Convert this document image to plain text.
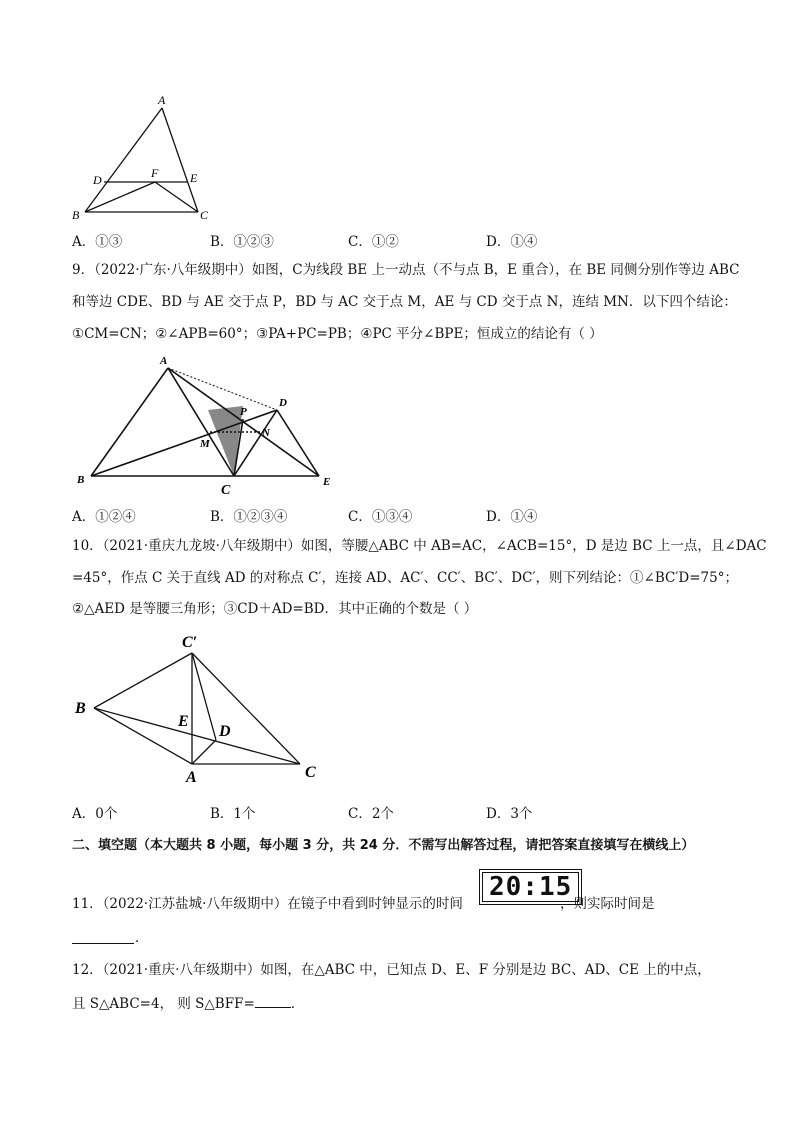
A
D	F	E
B	C
A．①③	B．①②③	C．①②	D．①④
9．（2022·广东·八年级期中）如图，C为线段 BE 上一动点（不与点 B，E 重合），在 BE 同侧分别作等边 ABC
和等边 CDE、BD 与 AE 交于点 P，BD 与 AC 交于点 M，AE 与 CD 交于点 N，连结 MN．以下四个结论：
①CM=CN；②∠APB=60°；③PA+PC=PB；④PC 平分∠BPE；恒成立的结论有（ ）
A
D
P
M
N
B
C
E
A．①②④	B．①②③④	C．①③④	D．①④
10．（2021·重庆九龙坡·八年级期中）如图，等腰△ABC 中 AB=AC，∠ACB=15°，D 是边 BC 上一点，且∠DAC
=45°，作点 C 关于直线 AD 的对称点 C′，连接 AD、AC′、CC′、BC′、DC′，则下列结论：①∠BC′D=75°；
②△AED 是等腰三角形；③CD＋AD=BD．其中正确的个数是（ ）
C′
B
E
D
A	C
A．0个	B．1个	C．2个	D．3个
二、填空题（本大题共 8 小题，每小题 3 分，共 24 分．不需写出解答过程，请把答案直接填写在横线上）
11．（2022·江苏盐城·八年级期中）在镜子中看到时钟显示的时间
20:15
，则实际时间是
．
12．（2021·重庆·八年级期中）如图，在△ABC 中，已知点 D、E、F 分别是边 BC、AD、CE 上的中点，
且 S△ABC=4， 则 S△BFF=	．
